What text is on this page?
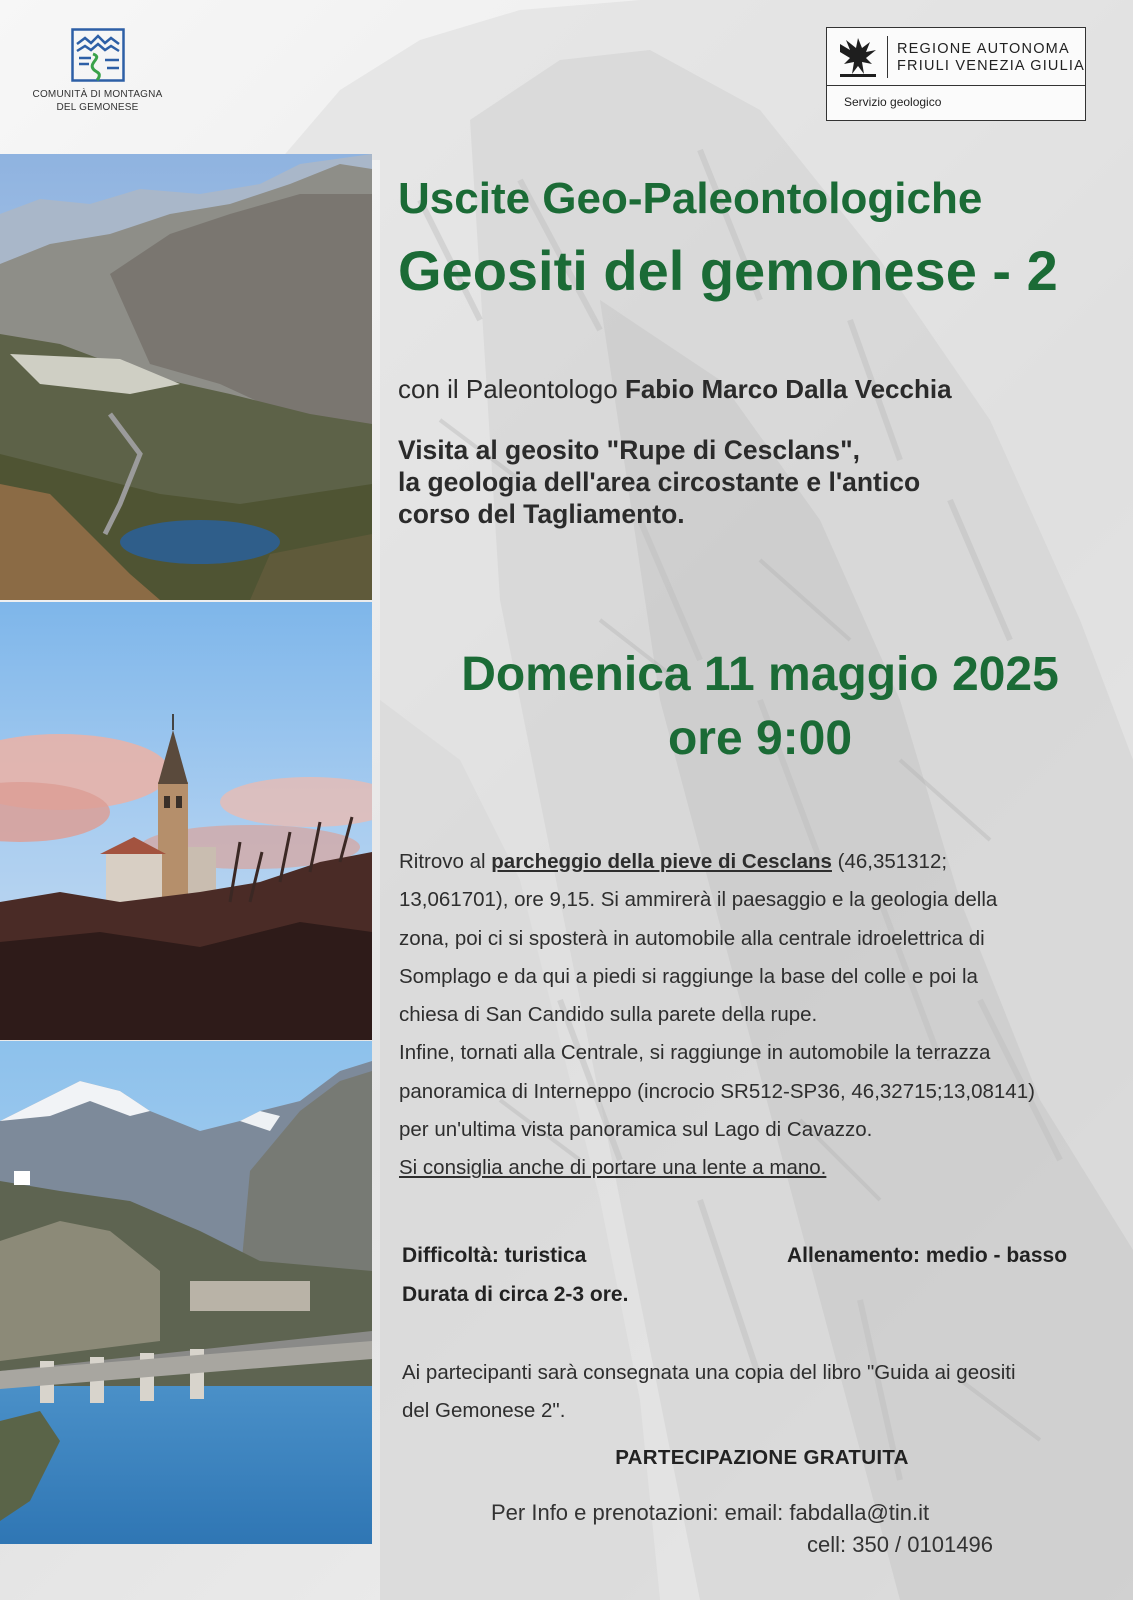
COMUNITÀ DI MONTAGNA
DEL GEMONESE
REGIONE AUTONOMA
FRIULI VENEZIA GIULIA
Servizio geologico
Uscite Geo-Paleontologiche
Geositi del gemonese - 2
con il Paleontologo Fabio Marco Dalla Vecchia
Visita al geosito "Rupe di Cesclans",
la geologia dell'area circostante e l'antico
corso del Tagliamento.
Domenica 11 maggio 2025
ore 9:00
Ritrovo al parcheggio della pieve di Cesclans (46,351312;
13,061701), ore 9,15. Si ammirerà il paesaggio e la geologia della
zona, poi ci si sposterà in automobile alla centrale idroelettrica di
Somplago e da qui a piedi si raggiunge la base del colle e poi la
chiesa di San Candido sulla parete della rupe.
Infine, tornati alla Centrale, si raggiunge in automobile la terrazza
panoramica di Interneppo (incrocio SR512-SP36, 46,32715;13,08141)
per un'ultima vista panoramica sul Lago di Cavazzo.
Si consiglia anche di portare una lente a mano.
Difficoltà: turistica
Durata di circa 2-3 ore.
Allenamento: medio - basso
Ai partecipanti sarà consegnata una copia del libro "Guida ai geositi
del Gemonese 2".
PARTECIPAZIONE GRATUITA
Per Info e prenotazioni: email: fabdalla@tin.it
cell: 350 / 0101496
